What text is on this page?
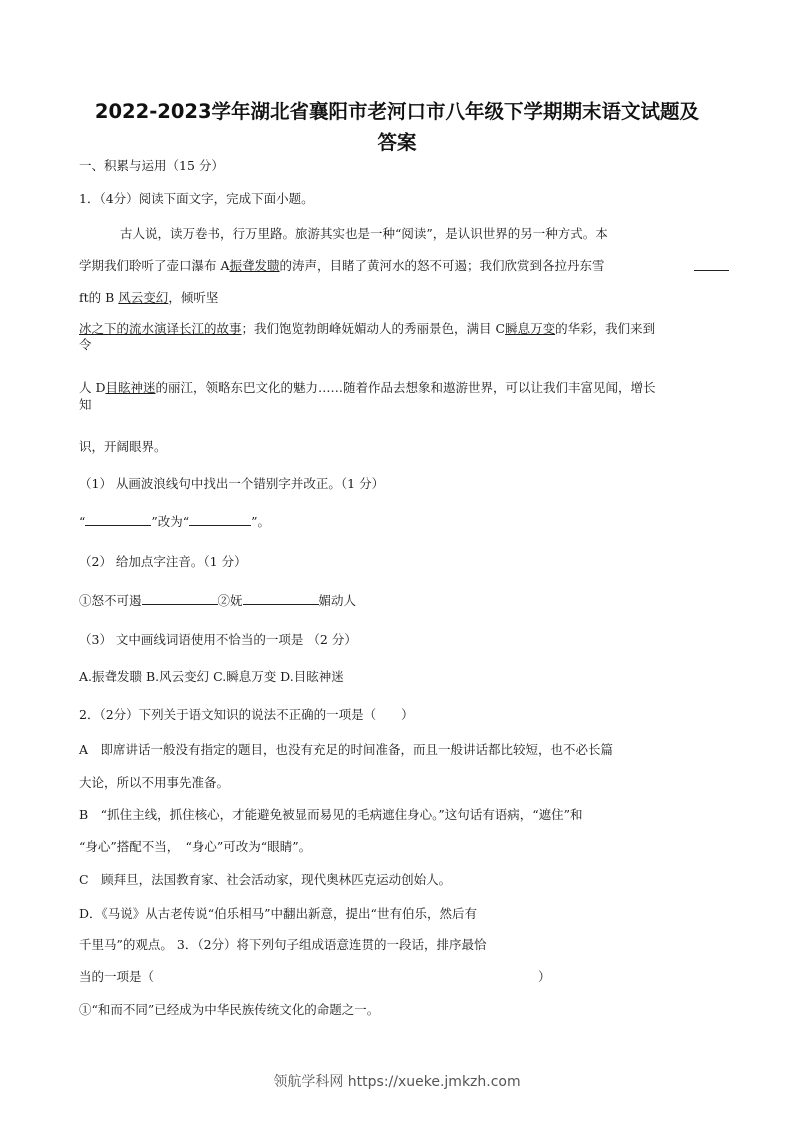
2022-2023学年湖北省襄阳市老河口市八年级下学期期末语文试题及
答案
一、积累与运用（15 分）
1．（4分）阅读下面文字，完成下面小题。
古人说，读万卷书，行万里路。旅游其实也是一种“阅读”，是认识世界的另一种方式。本
学期我们聆听了壶口瀑布 A振聋发聩的涛声，目睹了黄河水的怒不可遏；我们欣赏到各拉丹东雪
ft的 B 风云变幻，倾听坚
冰之下的流水演译长江的故事；我们饱览勃朗峰妩媚动人的秀丽景色，满目 C瞬息万变的华彩，我们来到
令
人 D目眩神迷的丽江，领略东巴文化的魅力……随着作品去想象和遨游世界，可以让我们丰富见闻，增长
知
识，开阔眼界。
（1） 从画波浪线句中找出一个错别字并改正。（1 分）
“	”改为“	”。
（2） 给加点字注音。（1 分）
①怒不可遏	②妩	媚动人
（3） 文中画线词语使用不恰当的一项是 （2 分）
A.振聋发聩 B.风云变幻 C.瞬息万变 D.目眩神迷
2．（2分）下列关于语文知识的说法不正确的一项是（　　）
A　即席讲话一般没有指定的题目，也没有充足的时间准备，而且一般讲话都比较短，也不必长篇
大论，所以不用事先准备。
B　“抓住主线，抓住核心，才能避免被显而易见的毛病遮住身心。”这句话有语病，“遮住”和
“身心”搭配不当，　“身心”可改为“眼睛”。
C　顾拜旦，法国教育家、社会活动家，现代奥林匹克运动创始人。
D．《马说》从古老传说“伯乐相马”中翻出新意，提出“世有伯乐，然后有
千里马”的观点。 3．（2分）将下列句子组成语意连贯的一段话，排序最恰
当的一项是（	）
①“和而不同”已经成为中华民族传统文化的命题之一。
领航学科网 https://xueke.jmkzh.com
